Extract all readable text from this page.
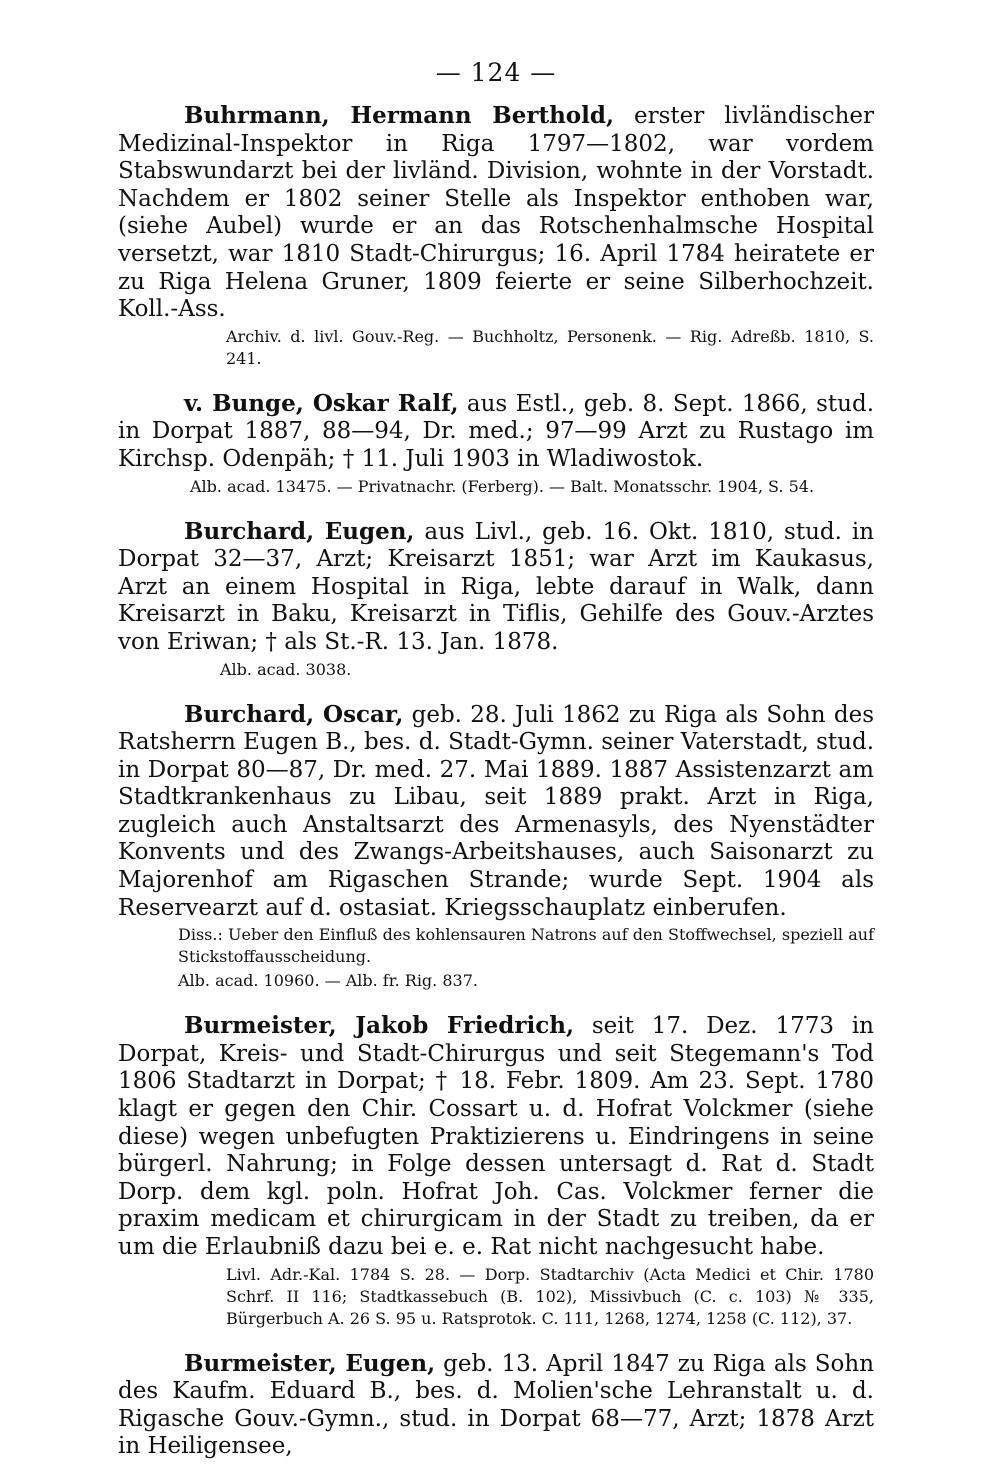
— 124 —

Buhrmann, Hermann Berthold, erster livländischer Medizinal-Inspektor in Riga 1797—1802, war vordem Stabswundarzt bei der livländ. Division, wohnte in der Vorstadt. Nachdem er 1802 seiner Stelle als Inspektor enthoben war, (siehe Aubel) wurde er an das Rotschenhalmsche Hospital versetzt, war 1810 Stadt-Chirurgus; 16. April 1784 heiratete er zu Riga Helena Gruner, 1809 feierte er seine Silberhochzeit. Koll.-Ass.

Archiv. d. livl. Gouv.-Reg. — Buchholtz, Personenk. — Rig. Adreßb. 1810, S. 241.

v. Bunge, Oskar Ralf, aus Estl., geb. 8. Sept. 1866, stud. in Dorpat 1887, 88—94, Dr. med.; 97—99 Arzt zu Rustago im Kirchsp. Odenpäh; † 11. Juli 1903 in Wladiwostok.

Alb. acad. 13475. — Privatnachr. (Ferberg). — Balt. Monatsschr. 1904, S. 54.

Burchard, Eugen, aus Livl., geb. 16. Okt. 1810, stud. in Dorpat 32—37, Arzt; Kreisarzt 1851; war Arzt im Kaukasus, Arzt an einem Hospital in Riga, lebte darauf in Walk, dann Kreisarzt in Baku, Kreisarzt in Tiflis, Gehilfe des Gouv.-Arztes von Eriwan; † als St.-R. 13. Jan. 1878.

Alb. acad. 3038.

Burchard, Oscar, geb. 28. Juli 1862 zu Riga als Sohn des Ratsherrn Eugen B., bes. d. Stadt-Gymn. seiner Vaterstadt, stud. in Dorpat 80—87, Dr. med. 27. Mai 1889. 1887 Assistenzarzt am Stadtkrankenhaus zu Libau, seit 1889 prakt. Arzt in Riga, zugleich auch Anstaltsarzt des Armenasyls, des Nyenstädter Konvents und des Zwangs-Arbeitshauses, auch Saisonarzt zu Majorenhof am Rigaschen Strande; wurde Sept. 1904 als Reservearzt auf d. ostasiat. Kriegsschauplatz einberufen.

Diss.: Ueber den Einfluß des kohlensauren Natrons auf den Stoffwechsel, speziell auf Stickstoffausscheidung.

Alb. acad. 10960. — Alb. fr. Rig. 837.

Burmeister, Jakob Friedrich, seit 17. Dez. 1773 in Dorpat, Kreis- und Stadt-Chirurgus und seit Stegemann's Tod 1806 Stadtarzt in Dorpat; † 18. Febr. 1809. Am 23. Sept. 1780 klagt er gegen den Chir. Cossart u. d. Hofrat Volckmer (siehe diese) wegen unbefugten Praktizierens u. Eindringens in seine bürgerl. Nahrung; in Folge dessen untersagt d. Rat d. Stadt Dorp. dem kgl. poln. Hofrat Joh. Cas. Volckmer ferner die praxim medicam et chirurgicam in der Stadt zu treiben, da er um die Erlaubniß dazu bei e. e. Rat nicht nachgesucht habe.

Livl. Adr.-Kal. 1784 S. 28. — Dorp. Stadtarchiv (Acta Medici et Chir. 1780 Schrf. II 116; Stadtkassebuch (B. 102), Missivbuch (C. c. 103) № 335, Bürgerbuch A. 26 S. 95 u. Ratsprotok. C. 111, 1268, 1274, 1258 (C. 112), 37.

Burmeister, Eugen, geb. 13. April 1847 zu Riga als Sohn des Kaufm. Eduard B., bes. d. Molien'sche Lehranstalt u. d. Rigasche Gouv.-Gymn., stud. in Dorpat 68—77, Arzt; 1878 Arzt in Heiligensee,
